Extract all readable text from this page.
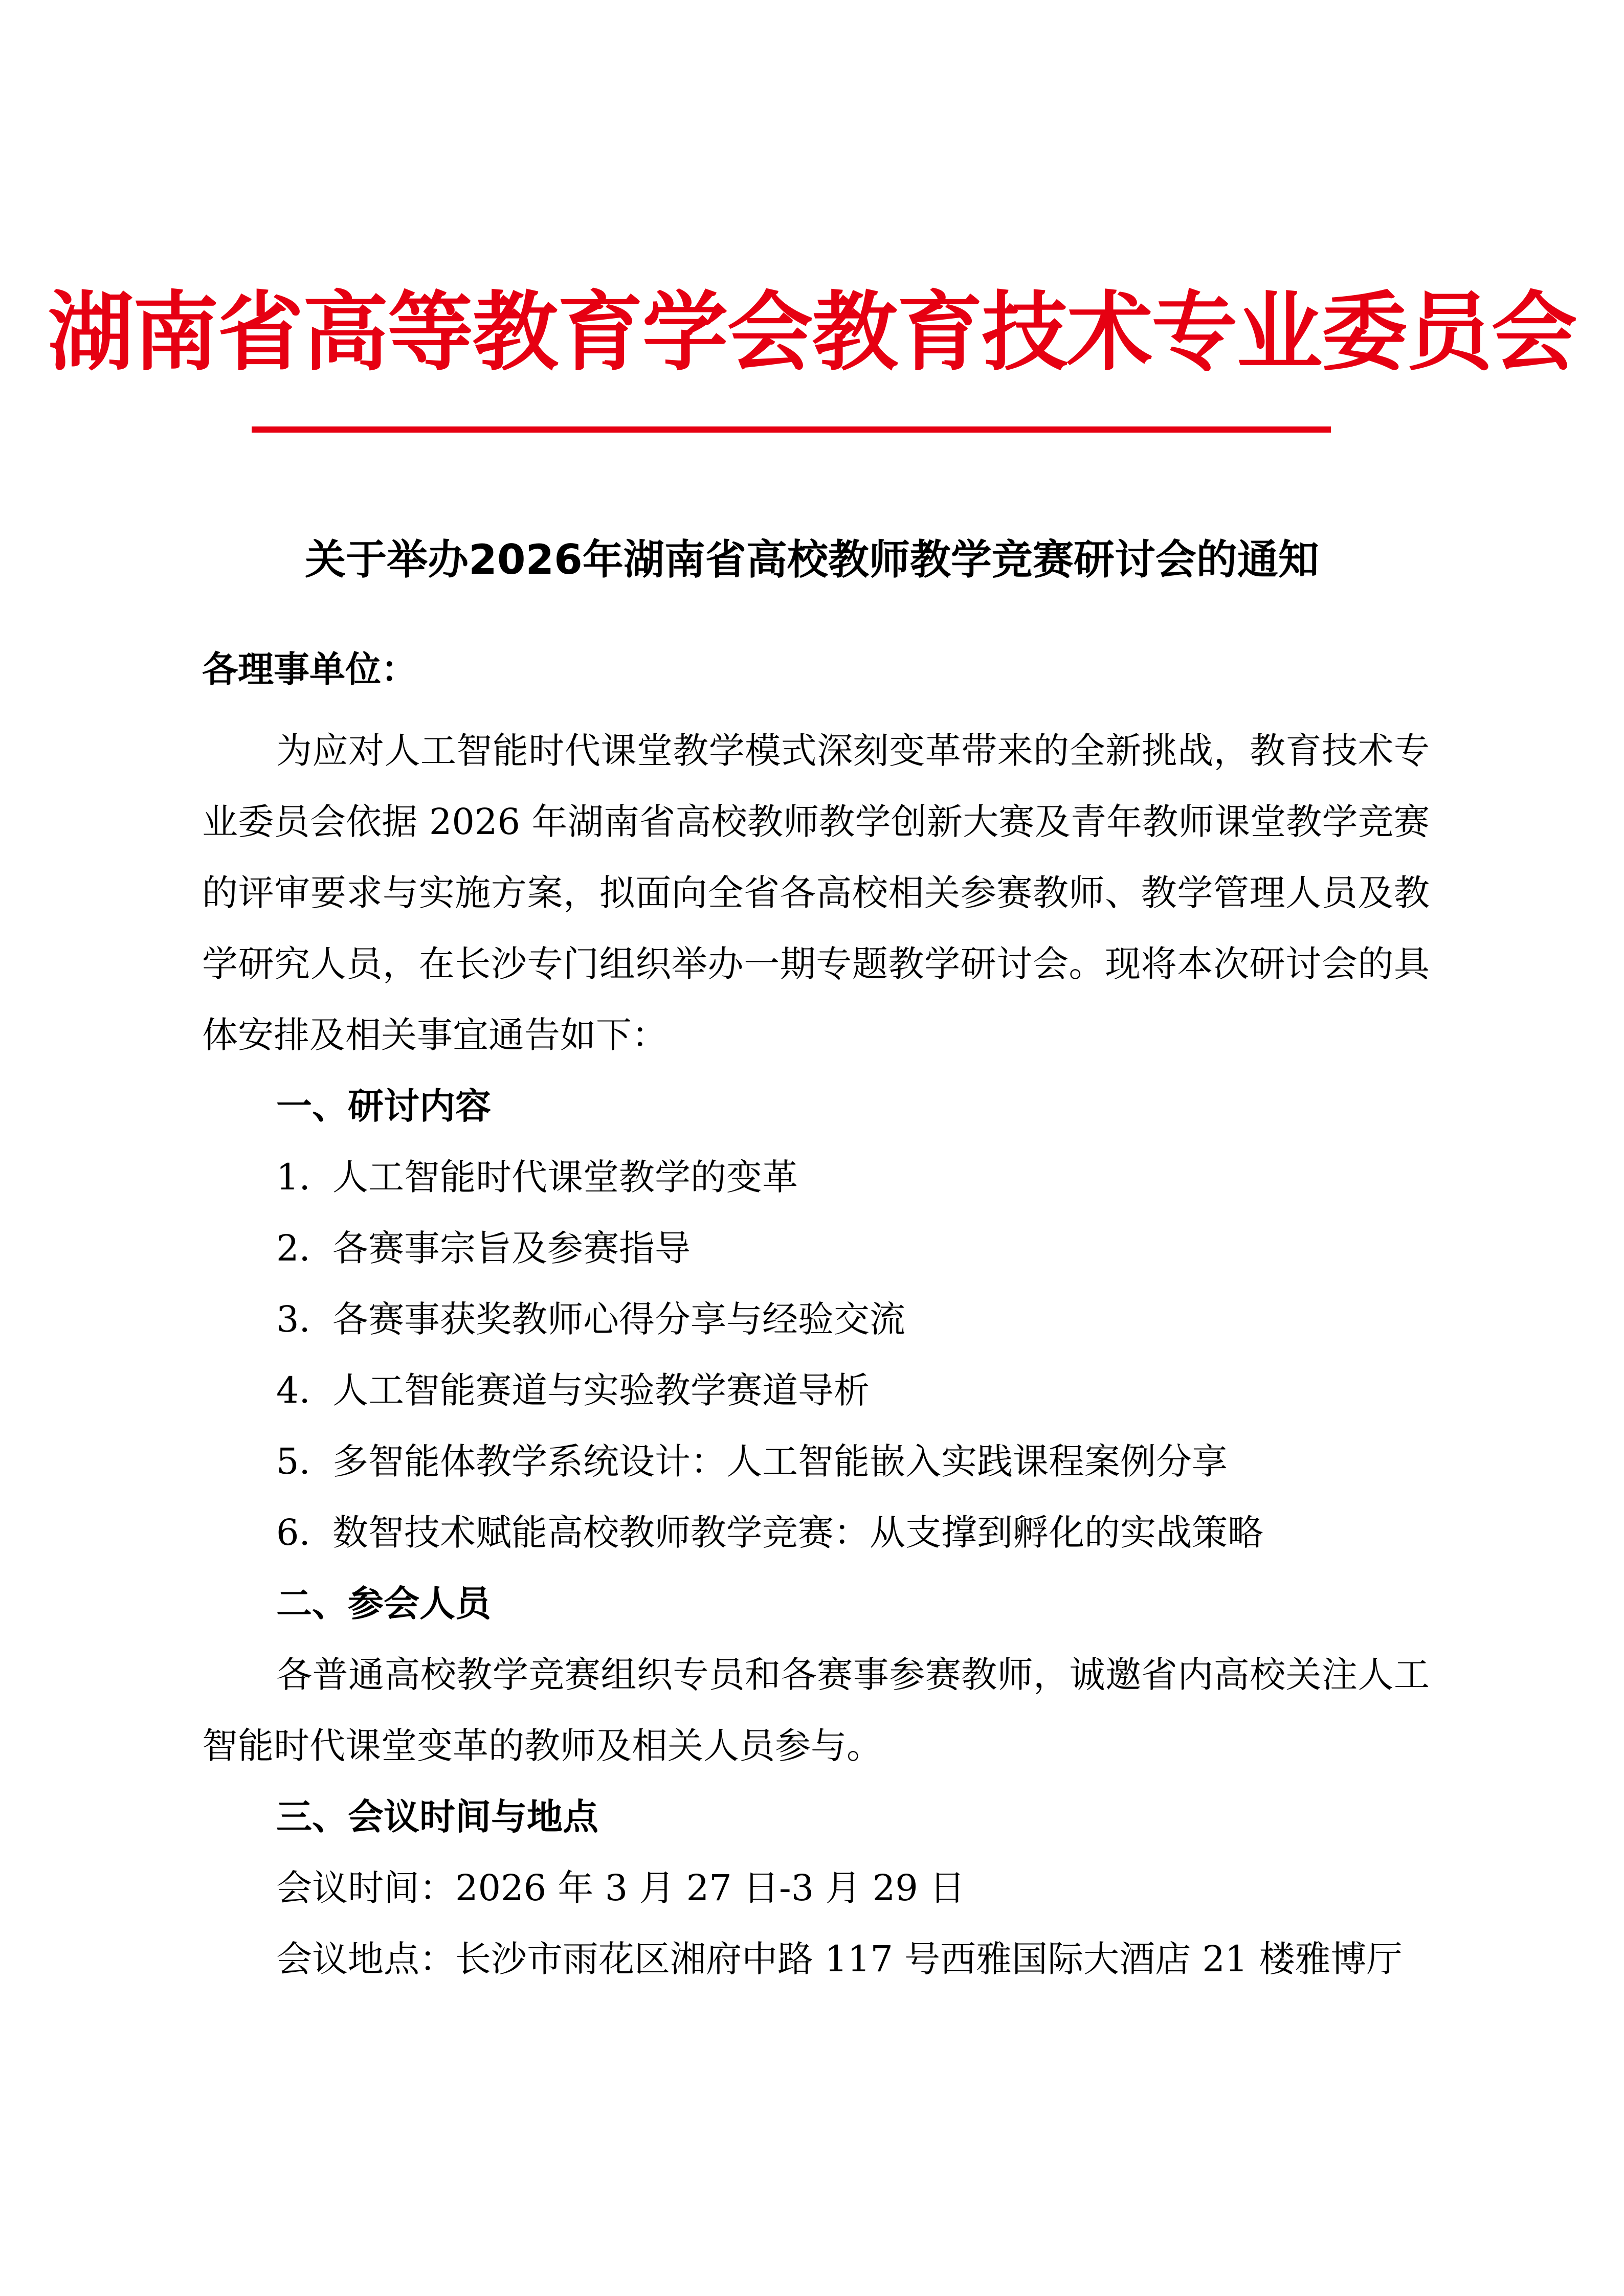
湖南省高等教育学会教育技术专业委员会
关于举办2026年湖南省高校教师教学竞赛研讨会的通知

各理事单位：

为应对人工智能时代课堂教学模式深刻变革带来的全新挑战，教育技术专业委员会依据 2026 年湖南省高校教师教学创新大赛及青年教师课堂教学竞赛的评审要求与实施方案，拟面向全省各高校相关参赛教师、教学管理人员及教学研究人员，在长沙专门组织举办一期专题教学研讨会。现将本次研讨会的具体安排及相关事宜通告如下：

一、研讨内容

1. 人工智能时代课堂教学的变革
2. 各赛事宗旨及参赛指导
3. 各赛事获奖教师心得分享与经验交流
4. 人工智能赛道与实验教学赛道导析
5. 多智能体教学系统设计：人工智能嵌入实践课程案例分享
6. 数智技术赋能高校教师教学竞赛：从支撑到孵化的实战策略

二、参会人员

各普通高校教学竞赛组织专员和各赛事参赛教师，诚邀省内高校关注人工智能时代课堂变革的教师及相关人员参与。

三、会议时间与地点

会议时间：2026 年 3 月 27 日-3 月 29 日

会议地点：长沙市雨花区湘府中路 117 号西雅国际大酒店 21 楼雅博厅
